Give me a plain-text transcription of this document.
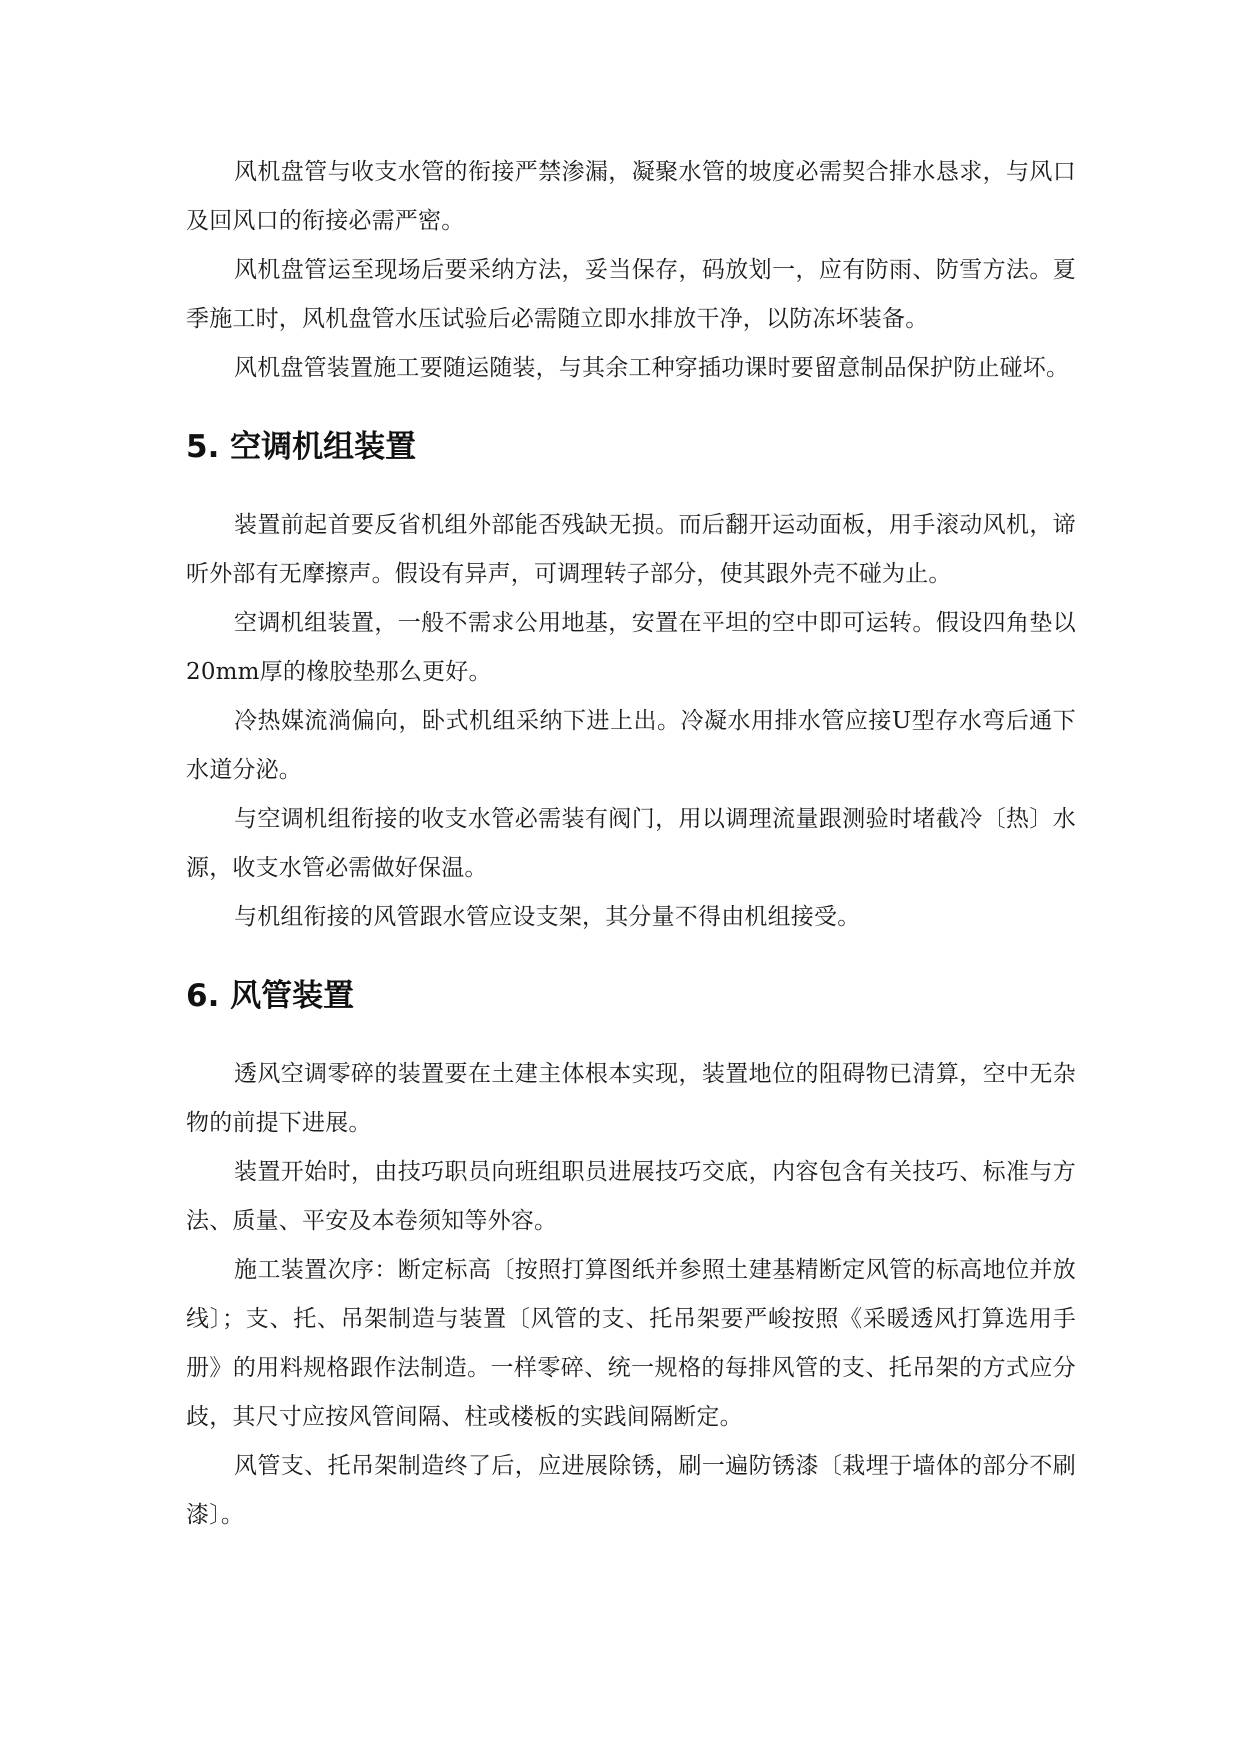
风机盘管与收支水管的衔接严禁渗漏，凝聚水管的坡度必需契合排水恳求，与风口及回风口的衔接必需严密。

风机盘管运至现场后要采纳方法，妥当保存，码放划一，应有防雨、防雪方法。夏季施工时，风机盘管水压试验后必需随立即水排放干净，以防冻坏装备。

风机盘管装置施工要随运随装，与其余工种穿插功课时要留意制品保护防止碰坏。

5. 空调机组装置

装置前起首要反省机组外部能否残缺无损。而后翻开运动面板，用手滚动风机，谛听外部有无摩擦声。假设有异声，可调理转子部分，使其跟外壳不碰为止。

空调机组装置，一般不需求公用地基，安置在平坦的空中即可运转。假设四角垫以20mm厚的橡胶垫那么更好。

冷热媒流淌偏向，卧式机组采纳下进上出。冷凝水用排水管应接U型存水弯后通下水道分泌。

与空调机组衔接的收支水管必需装有阀门，用以调理流量跟测验时堵截冷〔热〕水源，收支水管必需做好保温。

与机组衔接的风管跟水管应设支架，其分量不得由机组接受。

6. 风管装置

透风空调零碎的装置要在土建主体根本实现，装置地位的阻碍物已清算，空中无杂物的前提下进展。

装置开始时，由技巧职员向班组职员进展技巧交底，内容包含有关技巧、标准与方法、质量、平安及本卷须知等外容。

施工装置次序：断定标高〔按照打算图纸并参照土建基精断定风管的标高地位并放线〕；支、托、吊架制造与装置〔风管的支、托吊架要严峻按照《采暖透风打算选用手册》的用料规格跟作法制造。一样零碎、统一规格的每排风管的支、托吊架的方式应分歧，其尺寸应按风管间隔、柱或楼板的实践间隔断定。

风管支、托吊架制造终了后，应进展除锈，刷一遍防锈漆〔栽埋于墙体的部分不刷漆〕。
